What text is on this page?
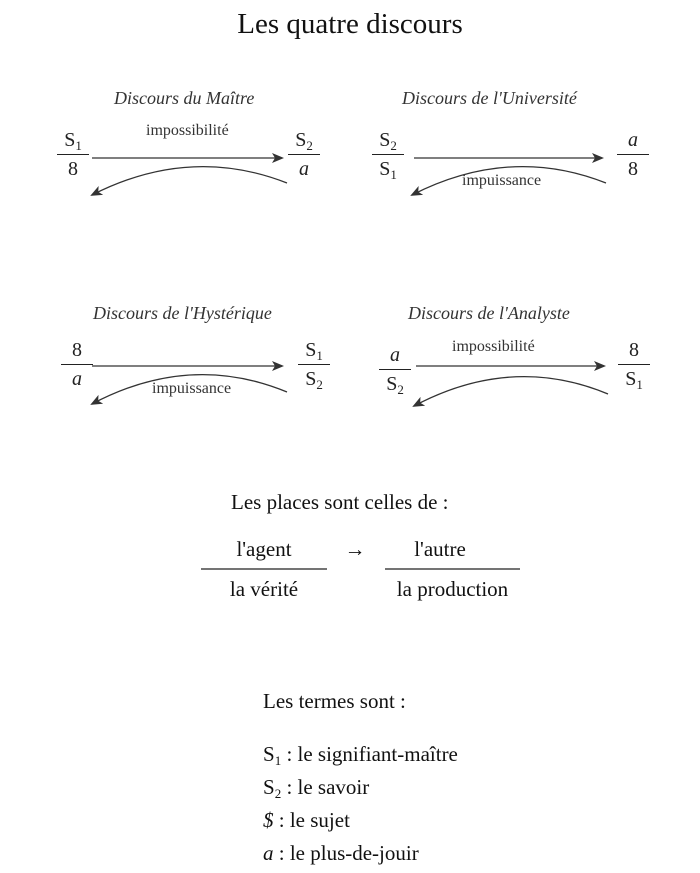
Les quatre discours
Discours du Maître
impossibilité
$S_1$
8
$S_2$
a
Discours de l'Université
impuissance
$S_2$
$S_1$
a
8
Discours de l'Hystérique
impuissance
8
a
$S_1$
$S_2$
Discours de l'Analyste
impossibilité
a
$S_2$
8
$S_1$
Les places sont celles de :
l'agent
la vérité
→	l'autre
la production
Les termes sont :
$S_1$ : le signifiant-maître
$S_2$ : le savoir
$ : le sujet
a : le plus-de-jouir
